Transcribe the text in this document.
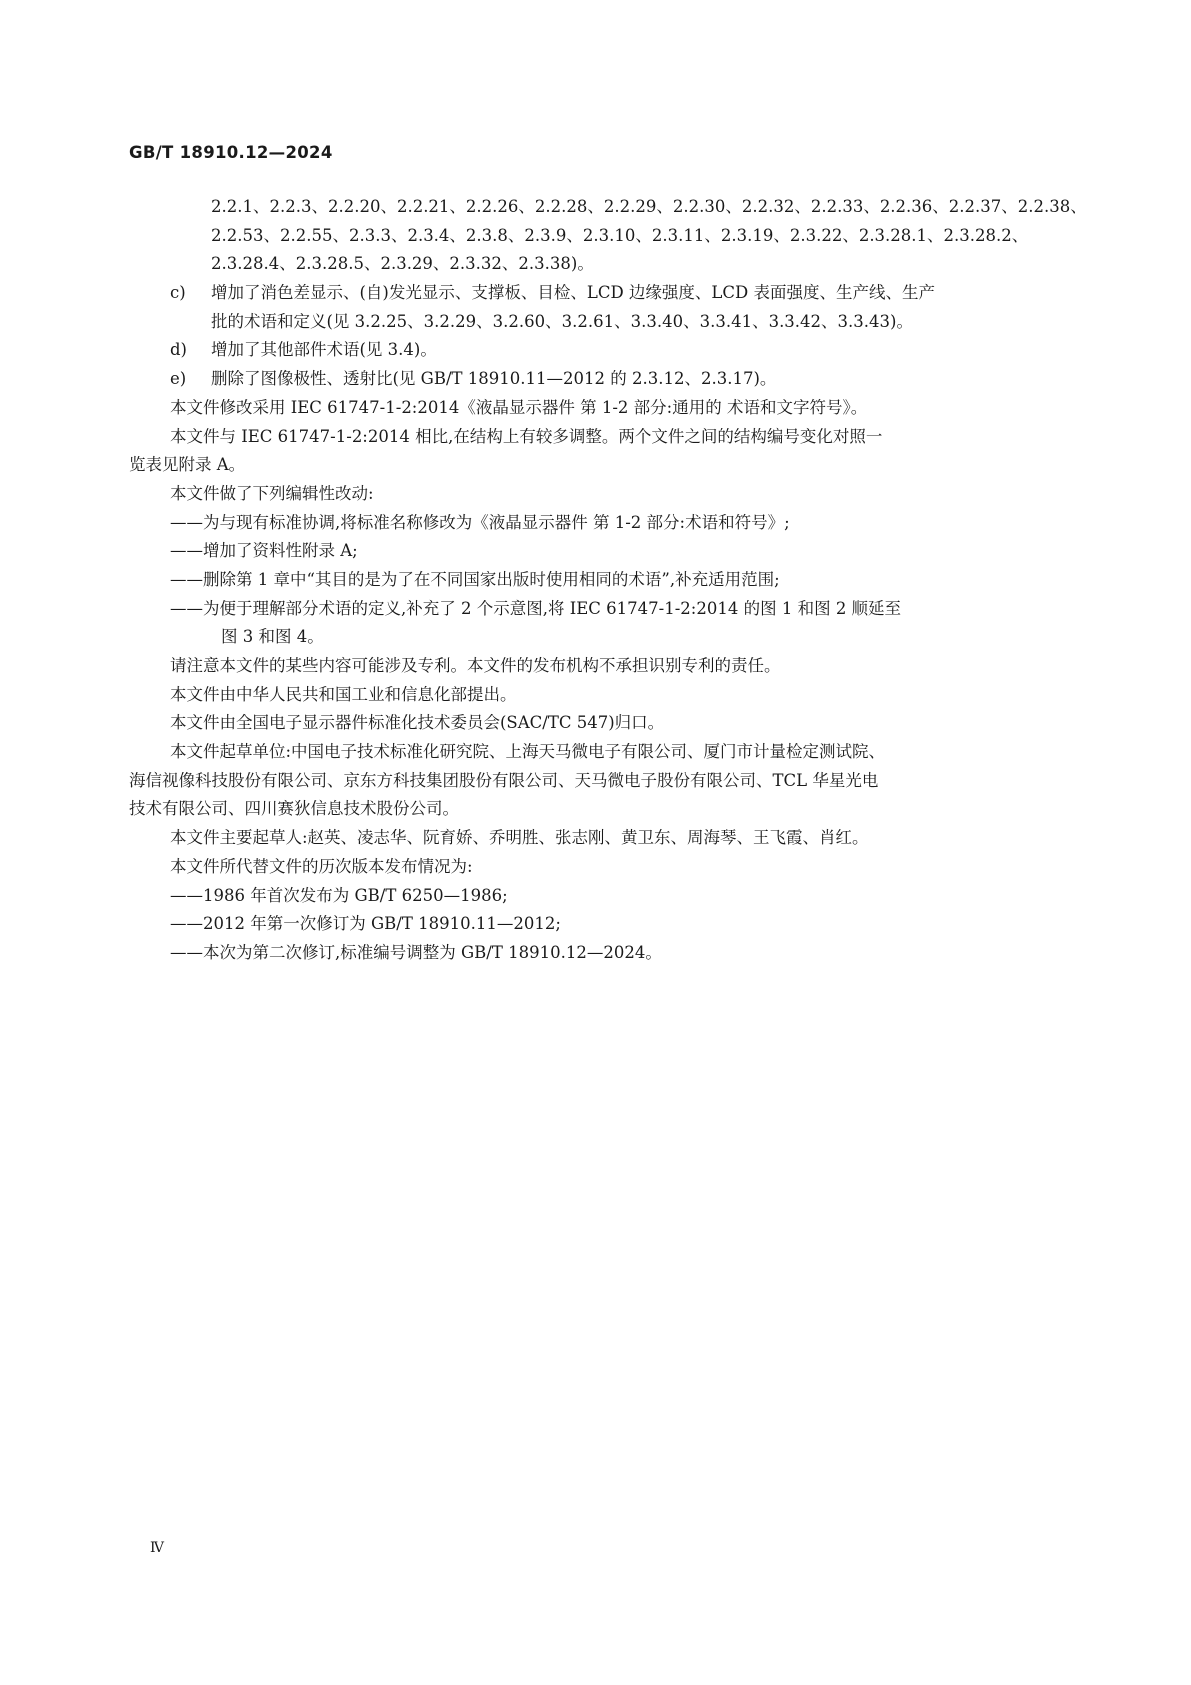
GB/T 18910.12—2024
2.2.1、2.2.3、2.2.20、2.2.21、2.2.26、2.2.28、2.2.29、2.2.30、2.2.32、2.2.33、2.2.36、2.2.37、2.2.38、
2.2.53、2.2.55、2.3.3、2.3.4、2.3.8、2.3.9、2.3.10、2.3.11、2.3.19、2.3.22、2.3.28.1、2.3.28.2、
2.3.28.4、2.3.28.5、2.3.29、2.3.32、2.3.38)。
c) 增加了消色差显示、(自)发光显示、支撑板、目检、LCD 边缘强度、LCD 表面强度、生产线、生产
批的术语和定义(见 3.2.25、3.2.29、3.2.60、3.2.61、3.3.40、3.3.41、3.3.42、3.3.43)。
d) 增加了其他部件术语(见 3.4)。
e) 删除了图像极性、透射比(见 GB/T 18910.11—2012 的 2.3.12、2.3.17)。
本文件修改采用 IEC 61747-1-2:2014《液晶显示器件 第 1-2 部分:通用的 术语和文字符号》。
本文件与 IEC 61747-1-2:2014 相比,在结构上有较多调整。两个文件之间的结构编号变化对照一
览表见附录 A。
本文件做了下列编辑性改动:
——为与现有标准协调,将标准名称修改为《液晶显示器件 第 1-2 部分:术语和符号》;
——增加了资料性附录 A;
——删除第 1 章中“其目的是为了在不同国家出版时使用相同的术语”,补充适用范围;
——为便于理解部分术语的定义,补充了 2 个示意图,将 IEC 61747-1-2:2014 的图 1 和图 2 顺延至
图 3 和图 4。
请注意本文件的某些内容可能涉及专利。本文件的发布机构不承担识别专利的责任。
本文件由中华人民共和国工业和信息化部提出。
本文件由全国电子显示器件标准化技术委员会(SAC/TC 547)归口。
本文件起草单位:中国电子技术标准化研究院、上海天马微电子有限公司、厦门市计量检定测试院、
海信视像科技股份有限公司、京东方科技集团股份有限公司、天马微电子股份有限公司、TCL 华星光电
技术有限公司、四川赛狄信息技术股份公司。
本文件主要起草人:赵英、凌志华、阮育娇、乔明胜、张志刚、黄卫东、周海琴、王飞霞、肖红。
本文件所代替文件的历次版本发布情况为:
——1986 年首次发布为 GB/T 6250—1986;
——2012 年第一次修订为 GB/T 18910.11—2012;
——本次为第二次修订,标准编号调整为 GB/T 18910.12—2024。
Ⅳ
